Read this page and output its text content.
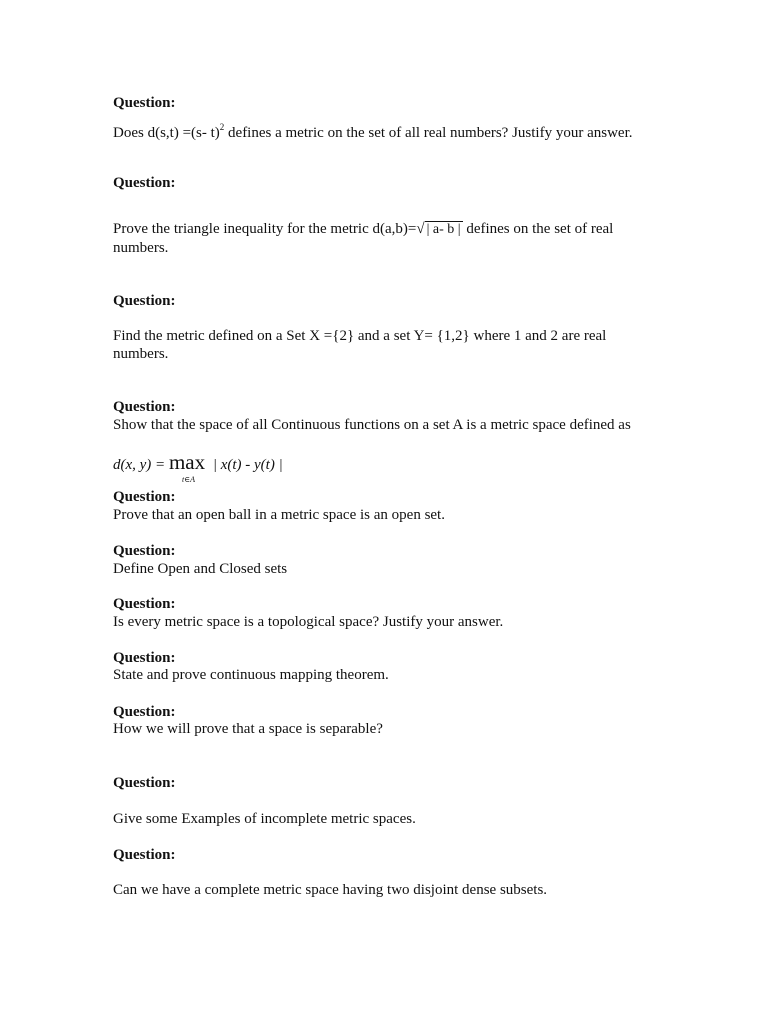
Question:
Does d(s,t) =(s- t)$^2$ defines a metric on the set of all real numbers? Justify your answer.
Question:
Prove the triangle inequality for the metric d(a,b)=√ | a- b | defines on the set of real numbers.
Question:
Find the metric defined on a Set X ={2} and a set Y= {1,2} where 1 and 2 are real numbers.
Question:
Show that the space of all Continuous functions on a set A is a metric space defined as
d(x, y) = max
t∈A
| x(t) - y(t) |
Question:
Prove that an open ball in a metric space is an open set.
Question:
Define Open and Closed sets
Question:
Is every metric space is a topological space? Justify your answer.
Question:
State and prove continuous mapping theorem.
Question:
How we will prove that a space is separable?
Question:
Give some Examples of incomplete metric spaces.
Question:
Can we have a complete metric space having two disjoint dense subsets.
